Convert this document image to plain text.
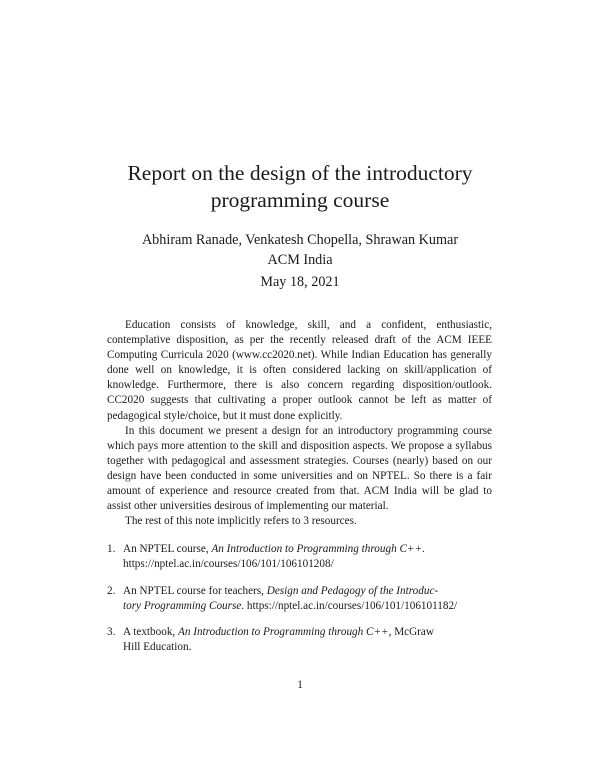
Report on the design of the introductory
programming course
Abhiram Ranade, Venkatesh Chopella, Shrawan Kumar
ACM India
May 18, 2021

Education consists of knowledge, skill, and a confident, enthusiastic, contemplative disposition, as per the recently released draft of the ACM IEEE Computing Curricula 2020 (www.cc2020.net). While Indian Education has generally done well on knowledge, it is often considered lacking on skill/application of knowledge. Furthermore, there is also concern regarding disposition/outlook. CC2020 suggests that cultivating a proper outlook cannot be left as matter of pedagogical style/choice, but it must done explicitly.

In this document we present a design for an introductory programming course which pays more attention to the skill and disposition aspects. We propose a syllabus together with pedagogical and assessment strategies. Courses (nearly) based on our design have been conducted in some universities and on NPTEL. So there is a fair amount of experience and resource created from that. ACM India will be glad to assist other universities desirous of implementing our material.

The rest of this note implicitly refers to 3 resources.

1. An NPTEL course, An Introduction to Programming through C++.
https://nptel.ac.in/courses/106/101/106101208/
2. An NPTEL course for teachers, Design and Pedagogy of the Introduc-
tory Programming Course. https://nptel.ac.in/courses/106/101/106101182/
3. A textbook, An Introduction to Programming through C++, McGraw
Hill Education.
1
